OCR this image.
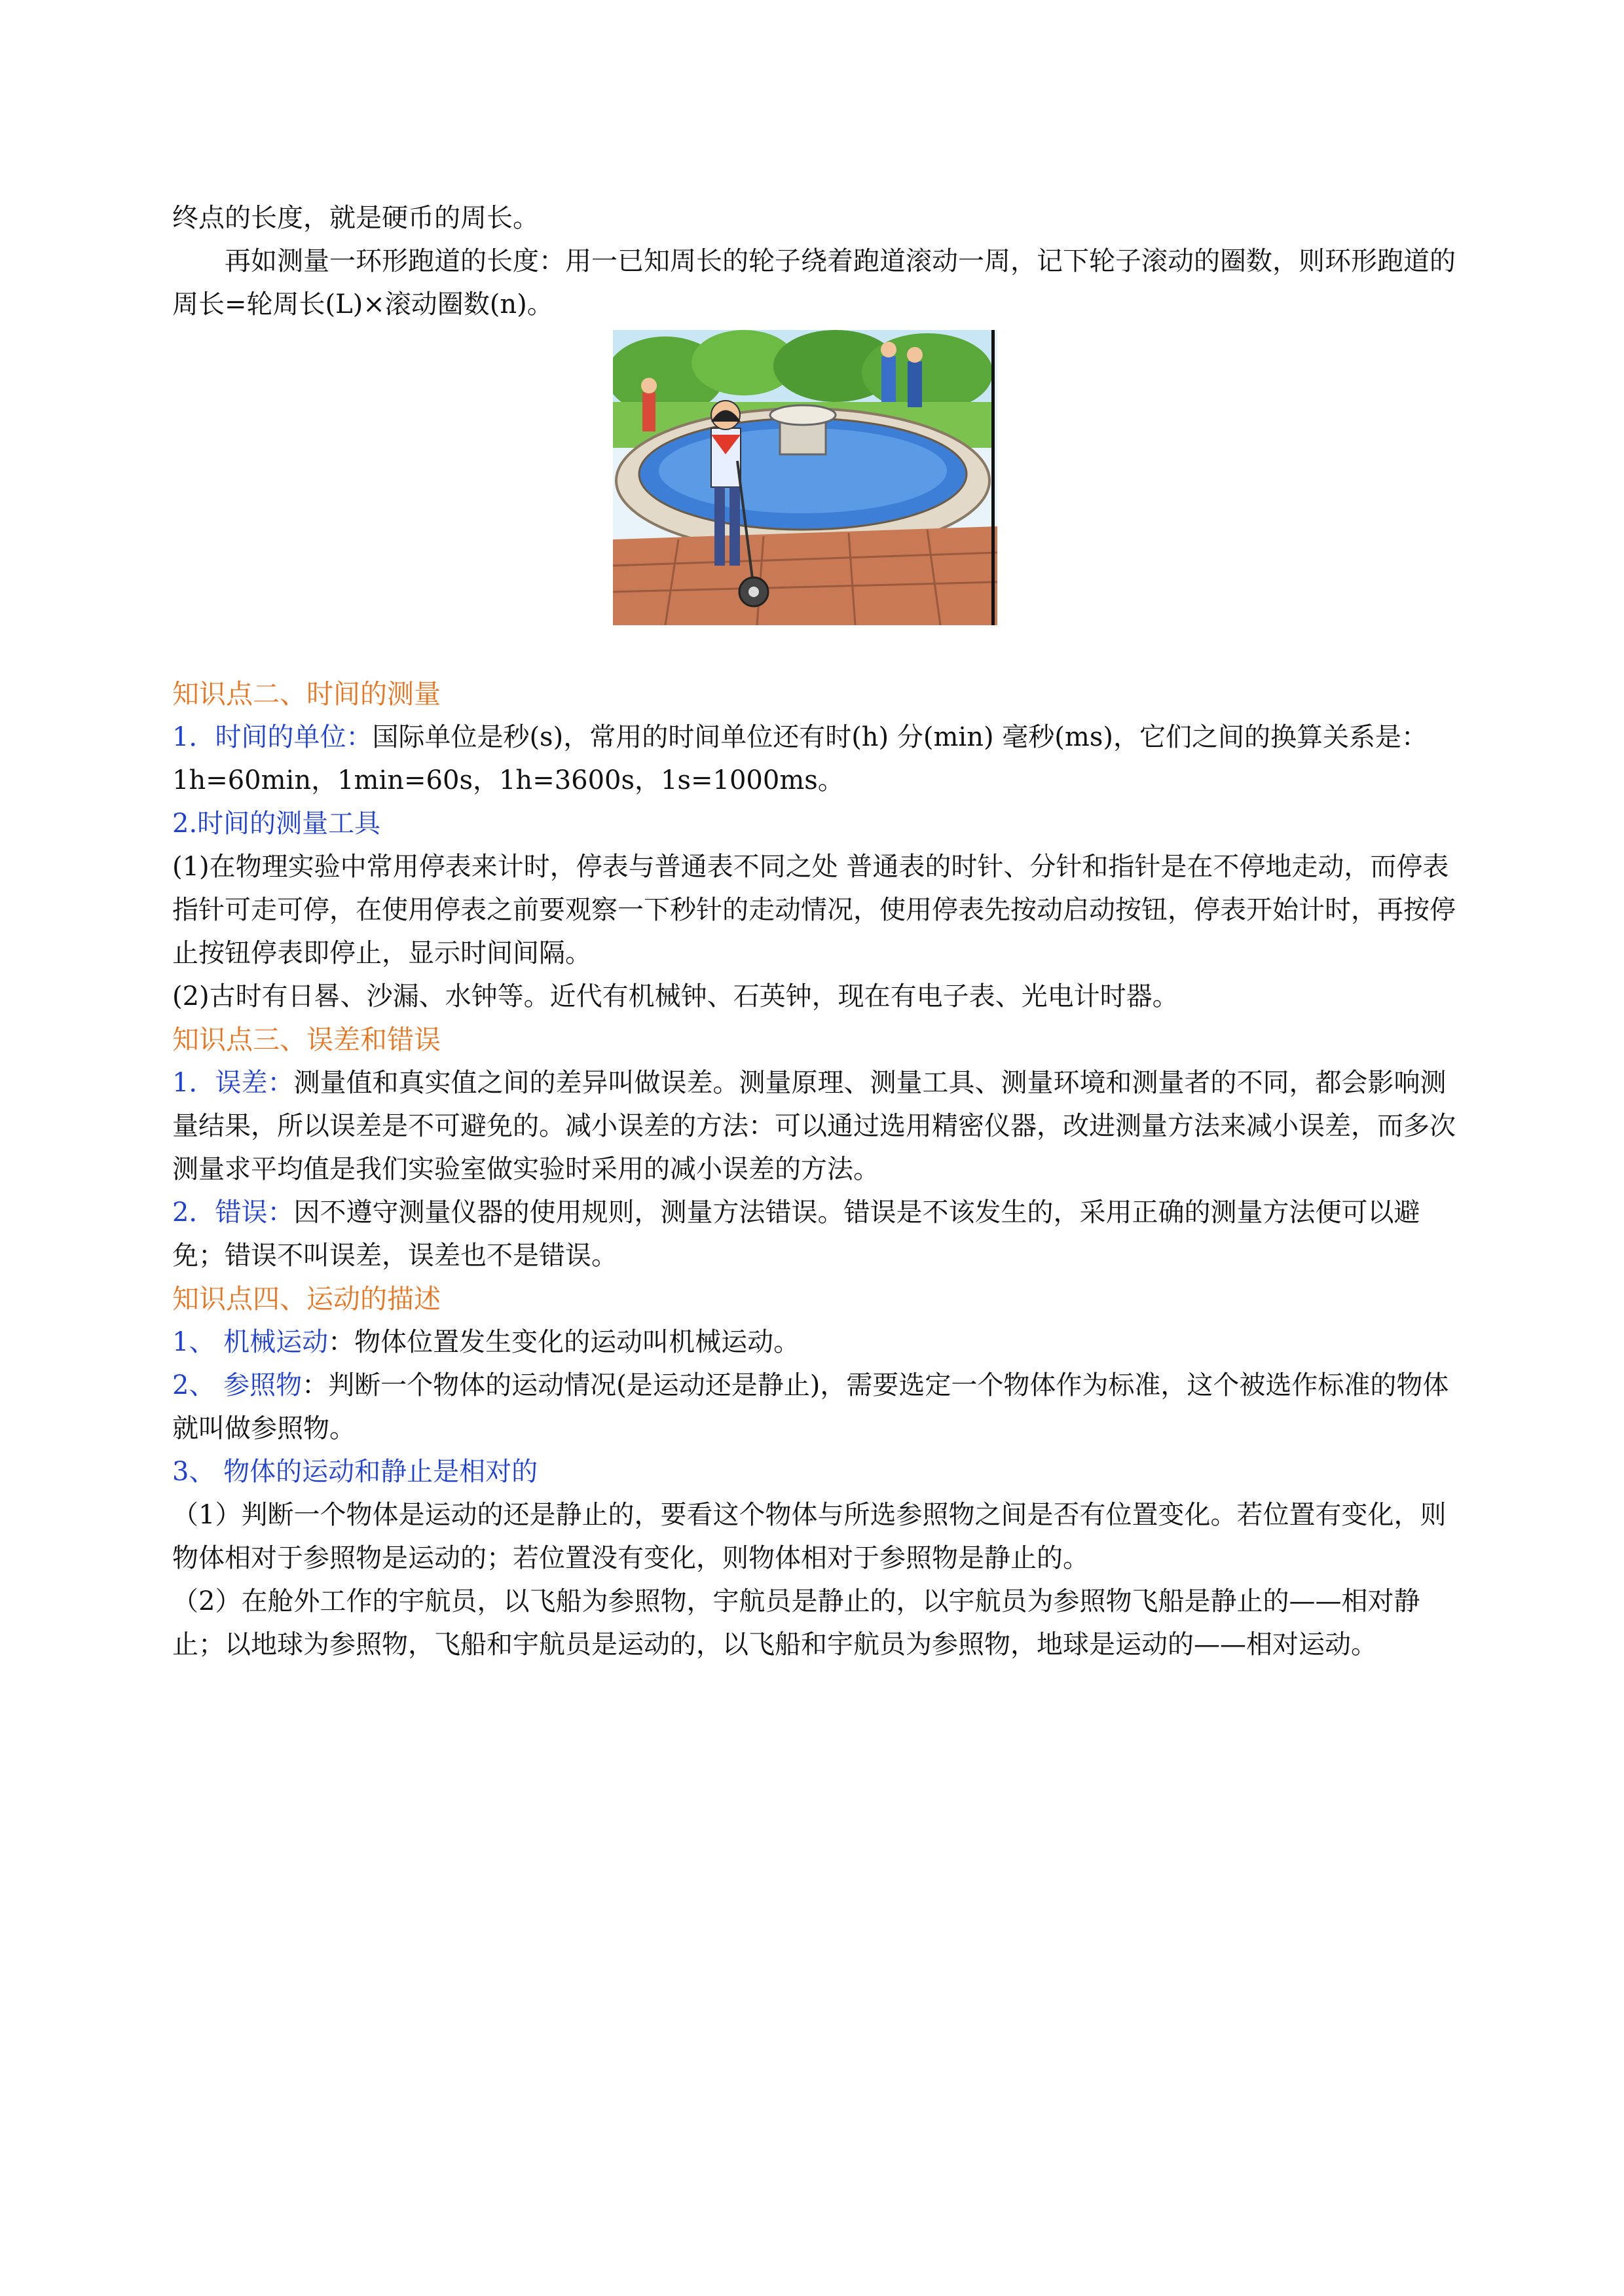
终点的长度，就是硬币的周长。

再如测量一环形跑道的长度：用一已知周长的轮子绕着跑道滚动一周，记下轮子滚动的圈数，则环形跑道的周长=轮周长(L)×滚动圈数(n)。

知识点二、时间的测量

1．时间的单位：国际单位是秒(s)，常用的时间单位还有时(h) 分(min) 毫秒(ms)，它们之间的换算关系是：1h=60min，1min=60s，1h=3600s，1s=1000ms。

2.时间的测量工具

(1)在物理实验中常用停表来计时，停表与普通表不同之处 普通表的时针、分针和指针是在不停地走动，而停表指针可走可停，在使用停表之前要观察一下秒针的走动情况，使用停表先按动启动按钮，停表开始计时，再按停止按钮停表即停止，显示时间间隔。

(2)古时有日晷、沙漏、水钟等。近代有机械钟、石英钟，现在有电子表、光电计时器。

知识点三、误差和错误

1．误差：测量值和真实值之间的差异叫做误差。测量原理、测量工具、测量环境和测量者的不同，都会影响测量结果，所以误差是不可避免的。减小误差的方法：可以通过选用精密仪器，改进测量方法来减小误差，而多次测量求平均值是我们实验室做实验时采用的减小误差的方法。

2．错误：因不遵守测量仪器的使用规则，测量方法错误。错误是不该发生的，采用正确的测量方法便可以避免；错误不叫误差，误差也不是错误。

知识点四、运动的描述

1、 机械运动：物体位置发生变化的运动叫机械运动。

2、 参照物：判断一个物体的运动情况(是运动还是静止)，需要选定一个物体作为标准，这个被选作标准的物体就叫做参照物。

3、 物体的运动和静止是相对的

（1）判断一个物体是运动的还是静止的，要看这个物体与所选参照物之间是否有位置变化。若位置有变化，则物体相对于参照物是运动的；若位置没有变化，则物体相对于参照物是静止的。

（2）在舱外工作的宇航员，以飞船为参照物，宇航员是静止的，以宇航员为参照物飞船是静止的——相对静止；以地球为参照物，飞船和宇航员是运动的，以飞船和宇航员为参照物，地球是运动的——相对运动。
